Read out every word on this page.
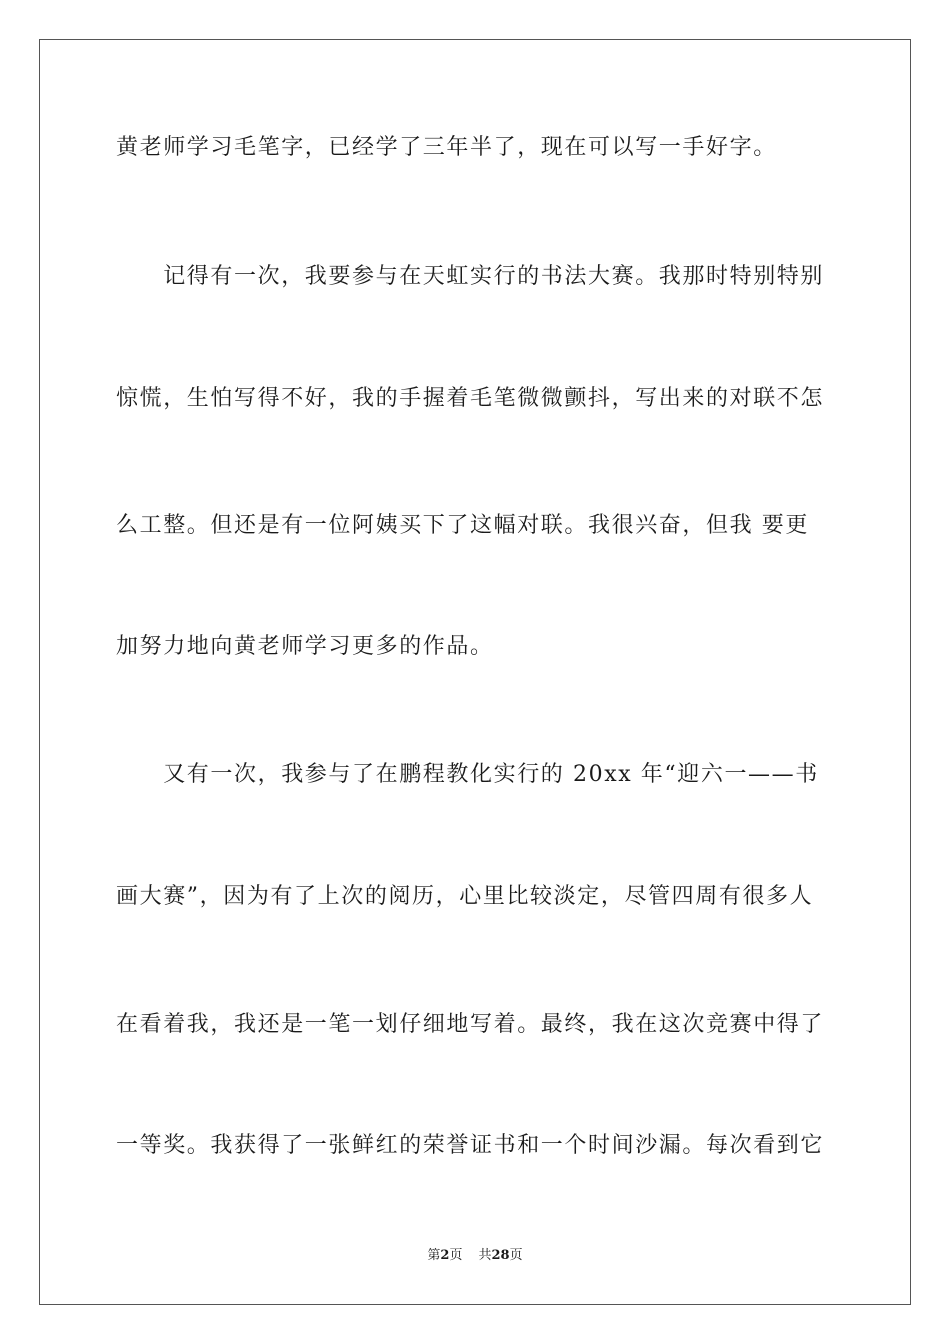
黄老师学习毛笔字，已经学了三年半了，现在可以写一手好字。
　　记得有一次，我要参与在天虹实行的书法大赛。我那时特别特别
惊慌，生怕写得不好，我的手握着毛笔微微颤抖，写出来的对联不怎
么工整。但还是有一位阿姨买下了这幅对联。我很兴奋，但我 要更
加努力地向黄老师学习更多的作品。
　　又有一次，我参与了在鹏程教化实行的 20xx 年“迎六一——书
画大赛”，因为有了上次的阅历，心里比较淡定，尽管四周有很多人
在看着我，我还是一笔一划仔细地写着。最终，我在这次竞赛中得了
一等奖。我获得了一张鲜红的荣誉证书和一个时间沙漏。每次看到它
第2页 共28页
